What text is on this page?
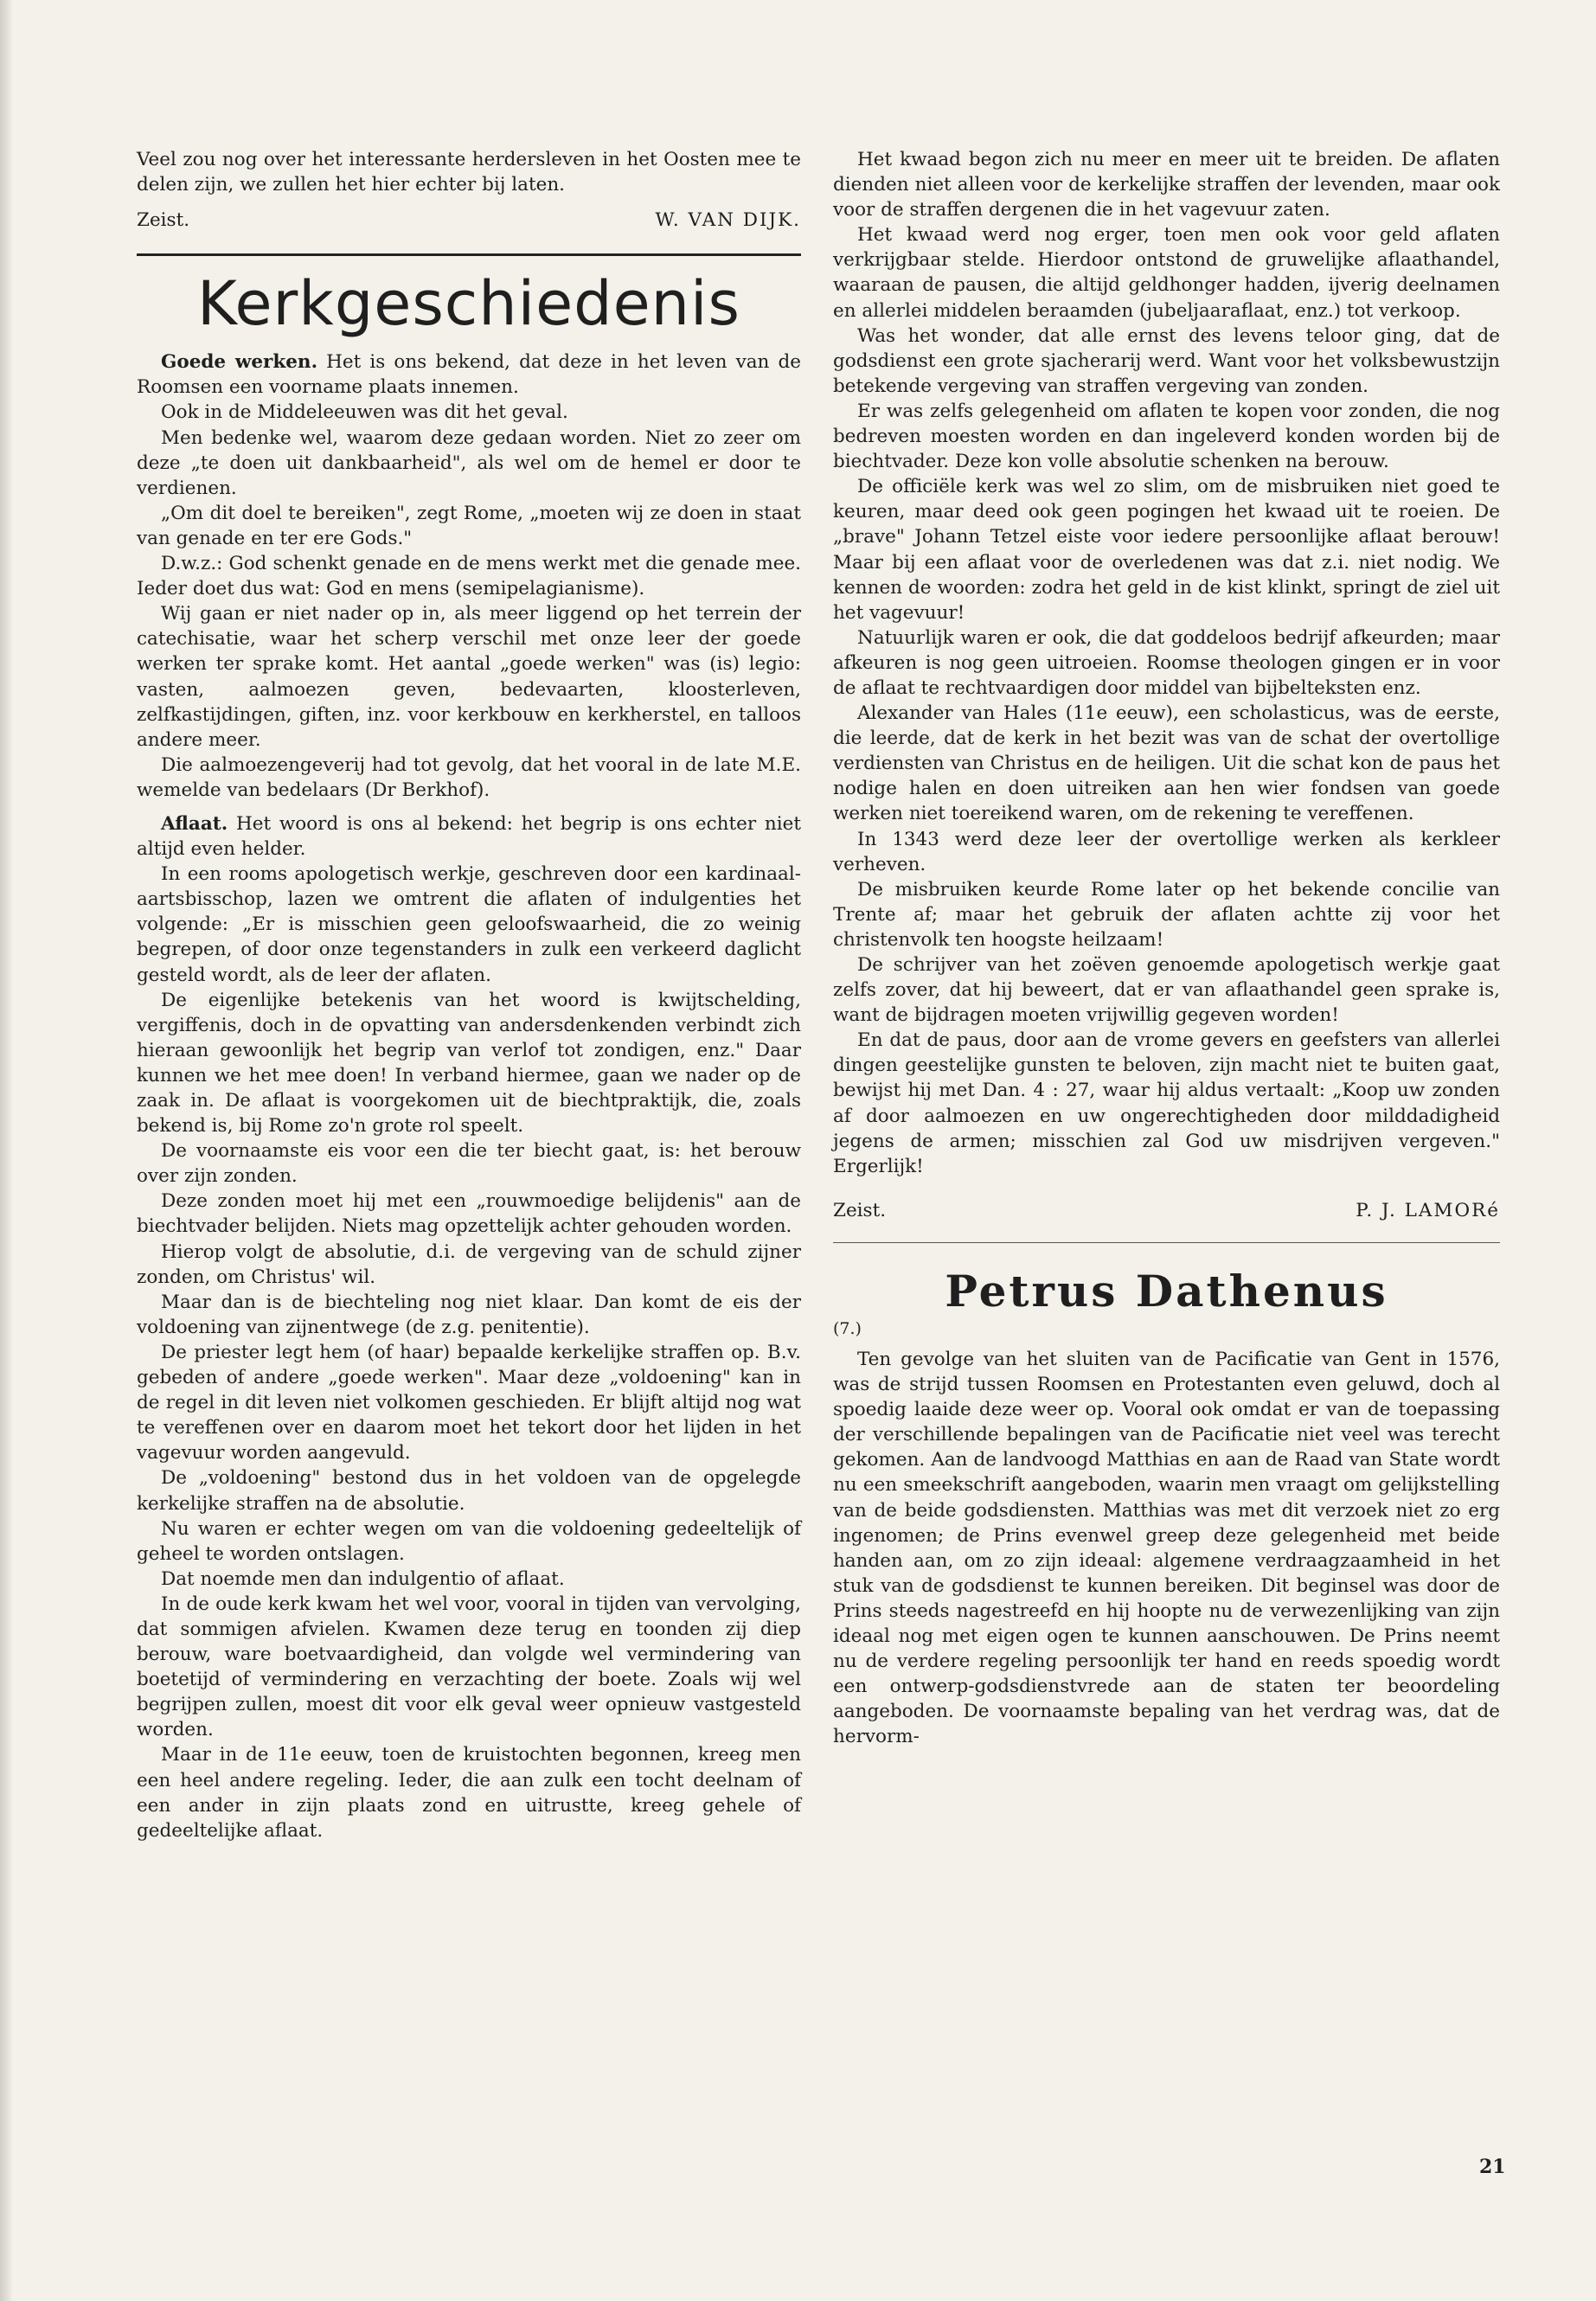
Veel zou nog over het interessante herdersleven in het Oosten mee te delen zijn, we zullen het hier echter bij laten.

Zeist.	W. VAN DIJK.
Kerkgeschiedenis

Goede werken. Het is ons bekend, dat deze in het leven van de Roomsen een voorname plaats innemen.

Ook in de Middeleeuwen was dit het geval.

Men bedenke wel, waarom deze gedaan worden. Niet zo zeer om deze „te doen uit dankbaarheid", als wel om de hemel er door te verdienen.

„Om dit doel te bereiken", zegt Rome, „moeten wij ze doen in staat van genade en ter ere Gods."

D.w.z.: God schenkt genade en de mens werkt met die genade mee. Ieder doet dus wat: God en mens (semipelagianisme).

Wij gaan er niet nader op in, als meer liggend op het terrein der catechisatie, waar het scherp verschil met onze leer der goede werken ter sprake komt. Het aantal „goede werken" was (is) legio: vasten, aalmoezen geven, bedevaarten, kloosterleven, zelfkastijdingen, giften, inz. voor kerkbouw en kerkherstel, en talloos andere meer.

Die aalmoezengeverij had tot gevolg, dat het vooral in de late M.E. wemelde van bedelaars (Dr Berkhof).

Aflaat. Het woord is ons al bekend: het begrip is ons echter niet altijd even helder.

In een rooms apologetisch werkje, geschreven door een kardinaal-aartsbisschop, lazen we omtrent die aflaten of indulgenties het volgende: „Er is misschien geen geloofswaarheid, die zo weinig begrepen, of door onze tegenstanders in zulk een verkeerd daglicht gesteld wordt, als de leer der aflaten.

De eigenlijke betekenis van het woord is kwijtschelding, vergiffenis, doch in de opvatting van andersdenkenden verbindt zich hieraan gewoonlijk het begrip van verlof tot zondigen, enz." Daar kunnen we het mee doen! In verband hiermee, gaan we nader op de zaak in. De aflaat is voorgekomen uit de biechtpraktijk, die, zoals bekend is, bij Rome zo'n grote rol speelt.

De voornaamste eis voor een die ter biecht gaat, is: het berouw over zijn zonden.

Deze zonden moet hij met een „rouwmoedige belijdenis" aan de biechtvader belijden. Niets mag opzettelijk achter gehouden worden.

Hierop volgt de absolutie, d.i. de vergeving van de schuld zijner zonden, om Christus' wil.

Maar dan is de biechteling nog niet klaar. Dan komt de eis der voldoening van zijnentwege (de z.g. penitentie).

De priester legt hem (of haar) bepaalde kerkelijke straffen op. B.v. gebeden of andere „goede werken". Maar deze „voldoening" kan in de regel in dit leven niet volkomen geschieden. Er blijft altijd nog wat te vereffenen over en daarom moet het tekort door het lijden in het vagevuur worden aangevuld.

De „voldoening" bestond dus in het voldoen van de opgelegde kerkelijke straffen na de absolutie.

Nu waren er echter wegen om van die voldoening gedeeltelijk of geheel te worden ontslagen.

Dat noemde men dan indulgentio of aflaat.

In de oude kerk kwam het wel voor, vooral in tijden van vervolging, dat sommigen afvielen. Kwamen deze terug en toonden zij diep berouw, ware boetvaardigheid, dan volgde wel vermindering van boetetijd of vermindering en verzachting der boete. Zoals wij wel begrijpen zullen, moest dit voor elk geval weer opnieuw vastgesteld worden.

Maar in de 11e eeuw, toen de kruistochten begonnen, kreeg men een heel andere regeling. Ieder, die aan zulk een tocht deelnam of een ander in zijn plaats zond en uitrustte, kreeg gehele of gedeeltelijke aflaat.

Het kwaad begon zich nu meer en meer uit te breiden. De aflaten dienden niet alleen voor de kerkelijke straffen der levenden, maar ook voor de straffen dergenen die in het vagevuur zaten.

Het kwaad werd nog erger, toen men ook voor geld aflaten verkrijgbaar stelde. Hierdoor ontstond de gruwelijke aflaathandel, waaraan de pausen, die altijd geldhonger hadden, ijverig deelnamen en allerlei middelen beraamden (jubeljaaraflaat, enz.) tot verkoop.

Was het wonder, dat alle ernst des levens teloor ging, dat de godsdienst een grote sjacherarij werd. Want voor het volksbewustzijn betekende vergeving van straffen vergeving van zonden.

Er was zelfs gelegenheid om aflaten te kopen voor zonden, die nog bedreven moesten worden en dan ingeleverd konden worden bij de biechtvader. Deze kon volle absolutie schenken na berouw.

De officiële kerk was wel zo slim, om de misbruiken niet goed te keuren, maar deed ook geen pogingen het kwaad uit te roeien. De „brave" Johann Tetzel eiste voor iedere persoonlijke aflaat berouw! Maar bij een aflaat voor de overledenen was dat z.i. niet nodig. We kennen de woorden: zodra het geld in de kist klinkt, springt de ziel uit het vagevuur!

Natuurlijk waren er ook, die dat goddeloos bedrijf afkeurden; maar afkeuren is nog geen uitroeien. Roomse theologen gingen er in voor de aflaat te rechtvaardigen door middel van bijbelteksten enz.

Alexander van Hales (11e eeuw), een scholasticus, was de eerste, die leerde, dat de kerk in het bezit was van de schat der overtollige verdiensten van Christus en de heiligen. Uit die schat kon de paus het nodige halen en doen uitreiken aan hen wier fondsen van goede werken niet toereikend waren, om de rekening te vereffenen.

In 1343 werd deze leer der overtollige werken als kerkleer verheven.

De misbruiken keurde Rome later op het bekende concilie van Trente af; maar het gebruik der aflaten achtte zij voor het christenvolk ten hoogste heilzaam!

De schrijver van het zoëven genoemde apologetisch werkje gaat zelfs zover, dat hij beweert, dat er van aflaathandel geen sprake is, want de bijdragen moeten vrijwillig gegeven worden!

En dat de paus, door aan de vrome gevers en geefsters van allerlei dingen geestelijke gunsten te beloven, zijn macht niet te buiten gaat, bewijst hij met Dan. 4 : 27, waar hij aldus vertaalt: „Koop uw zonden af door aalmoezen en uw ongerechtigheden door milddadigheid jegens de armen; misschien zal God uw misdrijven vergeven." Ergerlijk!

Zeist.	P. J. LAMORé
Petrus Dathenus

(7.)

Ten gevolge van het sluiten van de Pacificatie van Gent in 1576, was de strijd tussen Roomsen en Protestanten even geluwd, doch al spoedig laaide deze weer op. Vooral ook omdat er van de toepassing der verschillende bepalingen van de Pacificatie niet veel was terecht gekomen. Aan de landvoogd Matthias en aan de Raad van State wordt nu een smeekschrift aangeboden, waarin men vraagt om gelijkstelling van de beide godsdiensten. Matthias was met dit verzoek niet zo erg ingenomen; de Prins evenwel greep deze gelegenheid met beide handen aan, om zo zijn ideaal: algemene verdraagzaamheid in het stuk van de godsdienst te kunnen bereiken. Dit beginsel was door de Prins steeds nagestreefd en hij hoopte nu de verwezenlijking van zijn ideaal nog met eigen ogen te kunnen aanschouwen. De Prins neemt nu de verdere regeling persoonlijk ter hand en reeds spoedig wordt een ontwerp-godsdienstvrede aan de staten ter beoordeling aangeboden. De voornaamste bepaling van het verdrag was, dat de hervorm-

21
